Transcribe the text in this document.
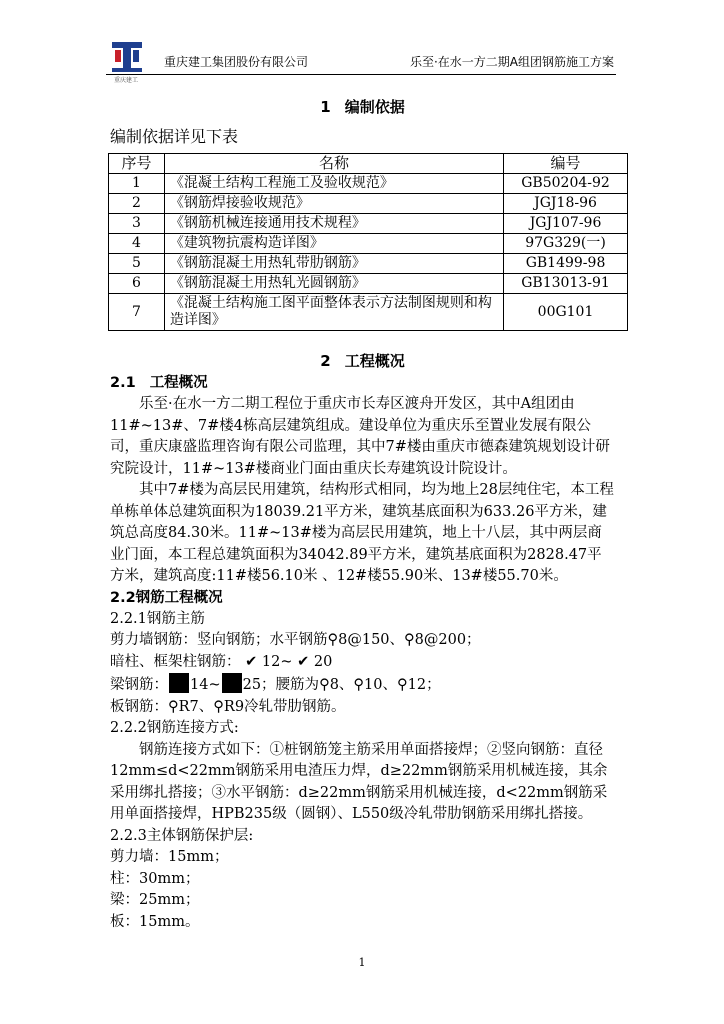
重庆建工
重庆建工集团股份有限公司	乐至·在水一方二期A组团钢筋施工方案

1 编制依据

编制依据详见下表

序号	名称	编号
1	《混凝土结构工程施工及验收规范》	GB50204-92
2	《钢筋焊接验收规范》	JGJ18-96
3	《钢筋机械连接通用技术规程》	JGJ107-96
4	《建筑物抗震构造详图》	97G329(一)
5	《钢筋混凝土用热轧带肋钢筋》	GB1499-98
6	《钢筋混凝土用热轧光圆钢筋》	GB13013-91
7	《混凝土结构施工图平面整体表示方法制图规则和构造详图》	00G101

2 工程概况

2.1 工程概况

乐至·在水一方二期工程位于重庆市长寿区渡舟开发区，其中A组团由11#~13#、7#楼4栋高层建筑组成。建设单位为重庆乐至置业发展有限公司，重庆康盛监理咨询有限公司监理，其中7#楼由重庆市德森建筑规划设计研究院设计，11#~13#楼商业门面由重庆长寿建筑设计院设计。

其中7#楼为高层民用建筑，结构形式相同，均为地上28层纯住宅，本工程单栋单体总建筑面积为18039.21平方米，建筑基底面积为633.26平方米，建筑总高度84.30米。11#~13#楼为高层民用建筑，地上十八层，其中两层商业门面，本工程总建筑面积为34042.89平方米，建筑基底面积为2828.47平方米，建筑高度:11#楼56.10米 、12#楼55.90米、13#楼55.70米。

2.2钢筋工程概况

2.2.1钢筋主筋

剪力墙钢筋：竖向钢筋；水平钢筋⚲8@150、⚲8@200；

暗柱、框架柱钢筋： ✔ 12~ ✔ 20

梁钢筋： 14~ 25；腰筋为⚲8、⚲10、⚲12；

板钢筋：⚲R7、⚲R9冷轧带肋钢筋。

2.2.2钢筋连接方式:

钢筋连接方式如下：①桩钢筋笼主筋采用单面搭接焊；②竖向钢筋：直径12mm≤d<22mm钢筋采用电渣压力焊，d≥22mm钢筋采用机械连接，其余采用绑扎搭接；③水平钢筋：d≥22mm钢筋采用机械连接，d<22mm钢筋采用单面搭接焊，HPB235级（圆钢）、L550级冷轧带肋钢筋采用绑扎搭接。

2.2.3主体钢筋保护层:

剪力墙：15mm；

柱：30mm；

梁：25mm；

板：15mm。

1
